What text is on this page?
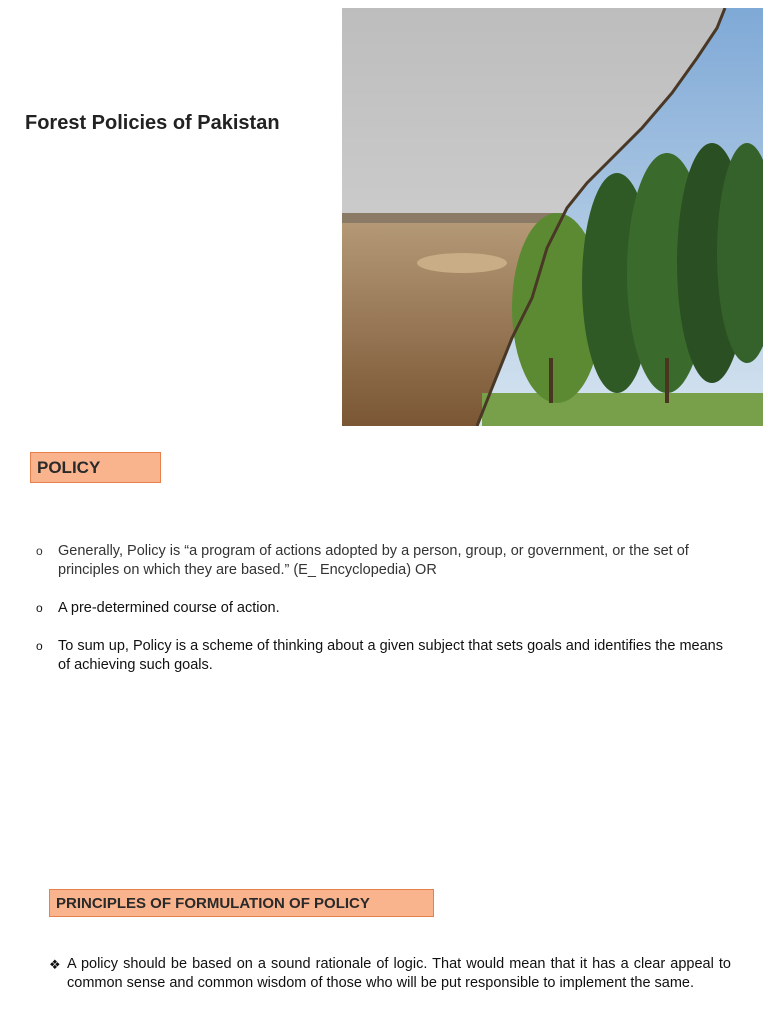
Forest Policies of Pakistan
POLICY
o Generally, Policy is “a program of actions adopted by a person, group, or government, or the set of principles on which they are based.” (E_ Encyclopedia) OR
o A pre-determined course of action.
o To sum up, Policy is a scheme of thinking about a given subject that sets goals and identifies the means of achieving such goals.
PRINCIPLES OF FORMULATION OF POLICY
❖ A policy should be based on a sound rationale of logic. That would mean that it has a clear appeal to common sense and common wisdom of those who will be put responsible to implement the same.
